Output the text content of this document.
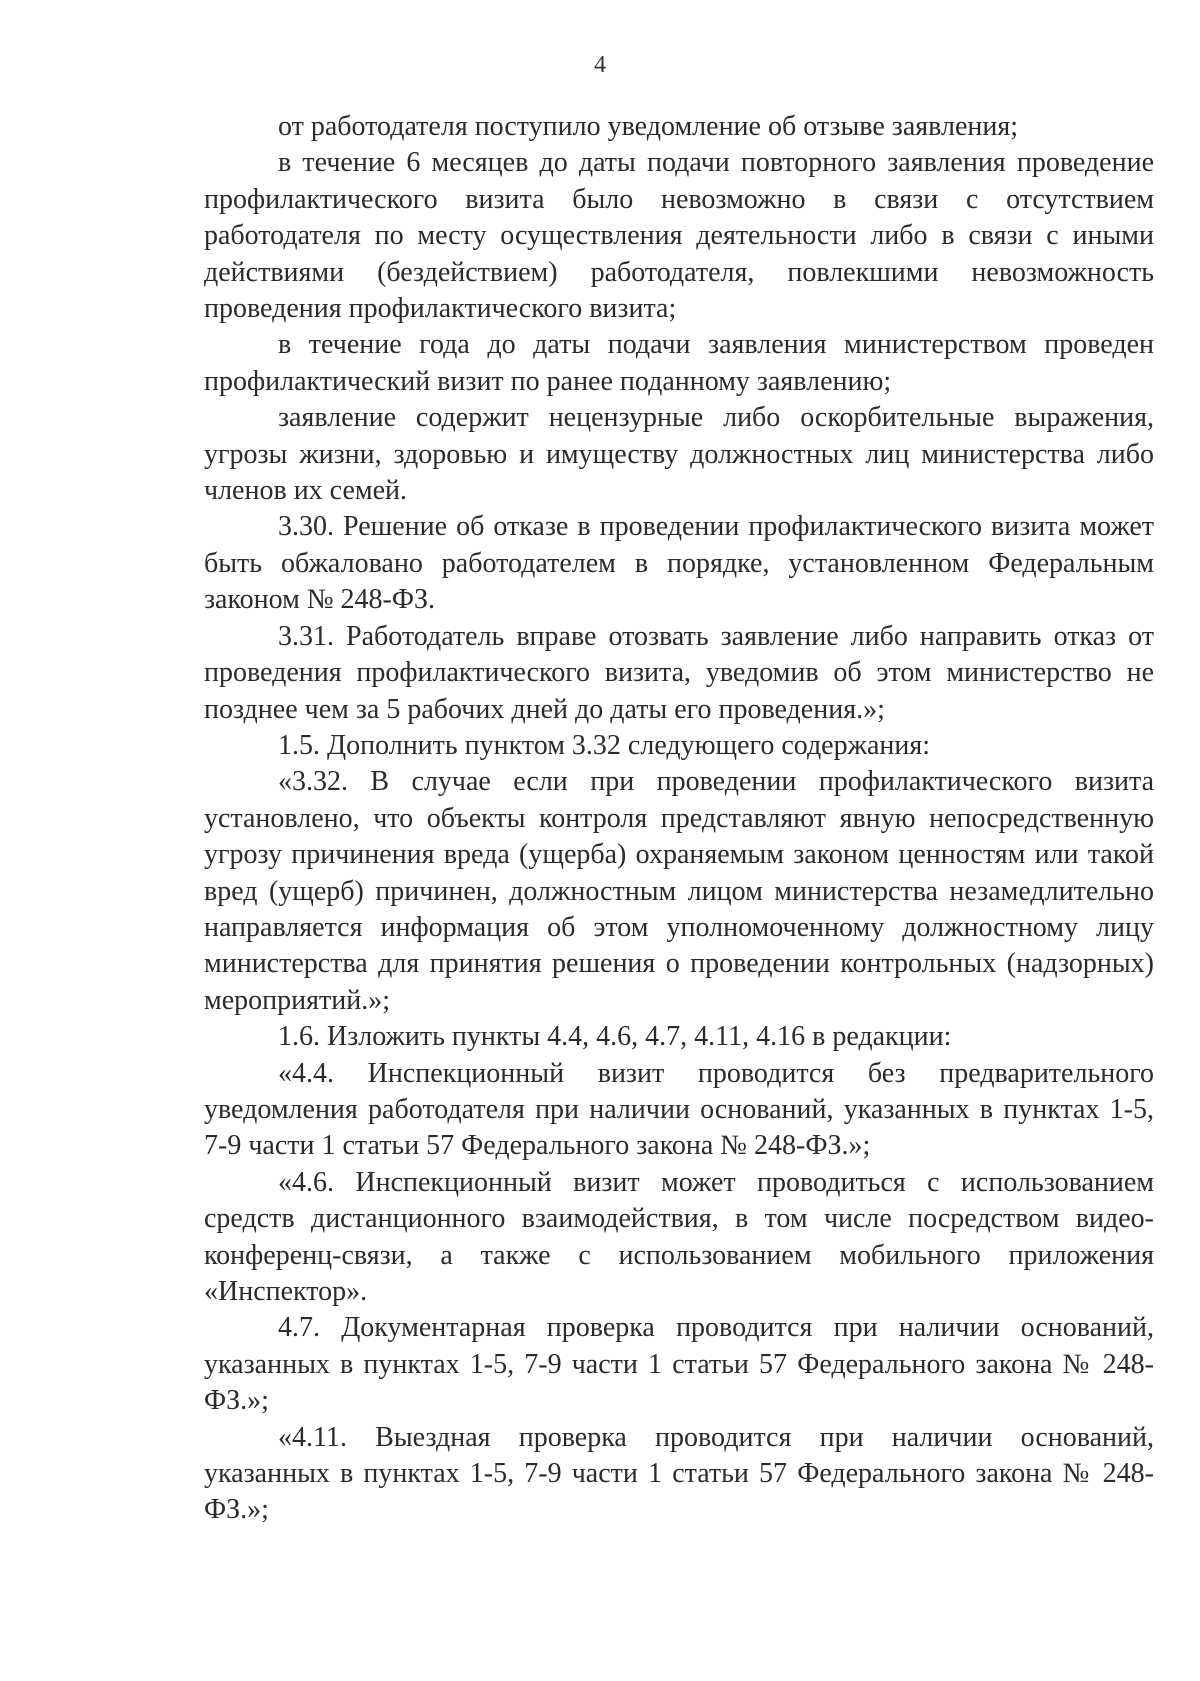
4

от работодателя поступило уведомление об отзыве заявления;

в течение 6 месяцев до даты подачи повторного заявления проведение профилактического визита было невозможно в связи с отсутствием работодателя по месту осуществления деятельности либо в связи с иными действиями (бездействием) работодателя, повлекшими невозможность проведения профилактического визита;

в течение года до даты подачи заявления министерством проведен профилактический визит по ранее поданному заявлению;

заявление содержит нецензурные либо оскорбительные выражения, угрозы жизни, здоровью и имуществу должностных лиц министерства либо членов их семей.

3.30. Решение об отказе в проведении профилактического визита может быть обжаловано работодателем в порядке, установленном Федеральным законом № 248-ФЗ.

3.31. Работодатель вправе отозвать заявление либо направить отказ от проведения профилактического визита, уведомив об этом министерство не позднее чем за 5 рабочих дней до даты его проведения.»;

1.5. Дополнить пунктом 3.32 следующего содержания:

«3.32. В случае если при проведении профилактического визита установлено, что объекты контроля представляют явную непосредственную угрозу причинения вреда (ущерба) охраняемым законом ценностям или такой вред (ущерб) причинен, должностным лицом министерства незамедлительно направляется информация об этом уполномоченному должностному лицу министерства для принятия решения о проведении контрольных (надзорных) мероприятий.»;

1.6. Изложить пункты 4.4, 4.6, 4.7, 4.11, 4.16 в редакции:

«4.4. Инспекционный визит проводится без предварительного уведомления работодателя при наличии оснований, указанных в пунктах 1-5, 7-9 части 1 статьи 57 Федерального закона № 248-ФЗ.»;

«4.6. Инспекционный визит может проводиться с использованием средств дистанционного взаимодействия, в том числе посредством видео-конференц-связи, а также с использованием мобильного приложения «Инспектор».

4.7. Документарная проверка проводится при наличии оснований, указанных в пунктах 1-5, 7-9 части 1 статьи 57 Федерального закона № 248-ФЗ.»;

«4.11. Выездная проверка проводится при наличии оснований, указанных в пунктах 1-5, 7-9 части 1 статьи 57 Федерального закона № 248-ФЗ.»;
